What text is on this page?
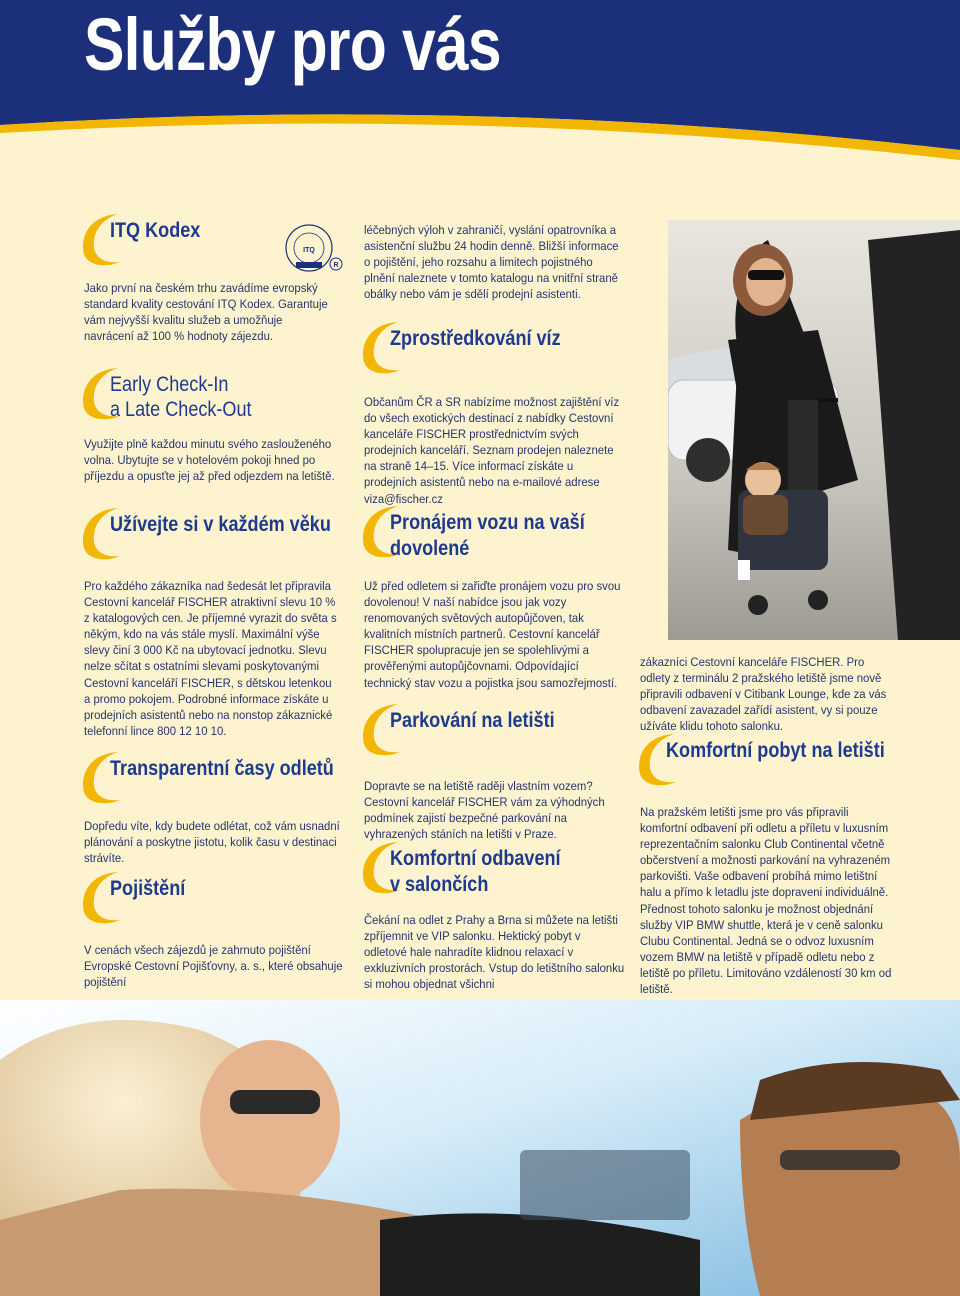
Služby pro vás
ITQ Kodex

Jako první na českém trhu zavádíme evropský standard kvality cestování ITQ Kodex. Garantuje vám nejvyšší kvalitu služeb a umožňuje navrácení až 100 % hodnoty zájezdu.

ITQ
R
Early Check-In
a Late Check-Out

Využijte plně každou minutu svého zaslouženého volna. Ubytujte se v hotelovém pokoji hned po příjezdu a opusťte jej až před odjezdem na letiště.

Užívejte si v každém věku

Pro každého zákazníka nad šedesát let připravila Cestovní kancelář FISCHER atraktivní slevu 10 % z katalogových cen. Je příjemné vyrazit do světa s někým, kdo na vás stále myslí. Maximální výše slevy činí 3 000 Kč na ubytovací jednotku. Slevu nelze sčítat s ostatními slevami poskytovanými Cestovní kanceláří FISCHER, s dětskou letenkou a promo pokojem. Podrobné informace získáte u prodejních asistentů nebo na nonstop zákaznické telefonní lince 800 12 10 10.

Transparentní časy odletů

Dopředu víte, kdy budete odlétat, což vám usnadní plánování a poskytne jistotu, kolik času v destinaci strávíte.

Pojištění

V cenách všech zájezdů je zahrnuto pojištění Evropské Cestovní Pojišťovny, a. s., které obsahuje pojištění

léčebných výloh v zahraničí, vyslání opatrovníka a asistenční službu 24 hodin denně. Bližší informace o pojištění, jeho rozsahu a limitech pojistného plnění naleznete v tomto katalogu na vnitřní straně obálky nebo vám je sdělí prodejní asistenti.

Zprostředkování víz

Občanům ČR a SR nabízíme možnost zajištění víz do všech exotických destinací z nabídky Cestovní kanceláře FISCHER prostřednictvím svých prodejních kanceláří. Seznam prodejen naleznete na straně 14–15. Více informací získáte u prodejních asistentů nebo na e-mailové adrese viza@fischer.cz

Pronájem vozu na vaší
dovolené

Už před odletem si zařiďte pronájem vozu pro svou dovolenou! V naší nabídce jsou jak vozy renomovaných světových autopůjčoven, tak kvalitních místních partnerů. Cestovní kancelář FISCHER spolupracuje jen se spolehlivými a prověřenými autopůjčovnami. Odpovídající technický stav vozu a pojistka jsou samozřejmostí.

Parkování na letišti

Dopravte se na letiště raději vlastním vozem? Cestovní kancelář FISCHER vám za výhodných podmínek zajistí bezpečné parkování na vyhrazených stáních na letišti v Praze.

Komfortní odbavení
v salončích

Čekání na odlet z Prahy a Brna si můžete na letišti zpříjemnit ve VIP salonku. Hektický pobyt v odletové hale nahradíte klidnou relaxací v exkluzivních prostorách. Vstup do letištního salonku si mohou objednat všichni

zákazníci Cestovní kanceláře FISCHER. Pro odlety z terminálu 2 pražského letiště jsme nově připravili odbavení v Citibank Lounge, kde za vás odbavení zavazadel zařídí asistent, vy si pouze užíváte klidu tohoto salonku.

Komfortní pobyt na letišti

Na pražském letišti jsme pro vás připravili komfortní odbavení při odletu a příletu v luxusním reprezentačním salonku Club Continental včetně občerstvení a možnosti parkování na vyhrazeném parkovišti. Vaše odbavení probíhá mimo letištní halu a přímo k letadlu jste dopraveni individuálně. Přednost tohoto salonku je možnost objednání služby VIP BMW shuttle, která je v ceně salonku Clubu Continental. Jedná se o odvoz luxusním vozem BMW na letiště v případě odletu nebo z letiště po příletu. Limitováno vzdáleností 30 km od letiště.
